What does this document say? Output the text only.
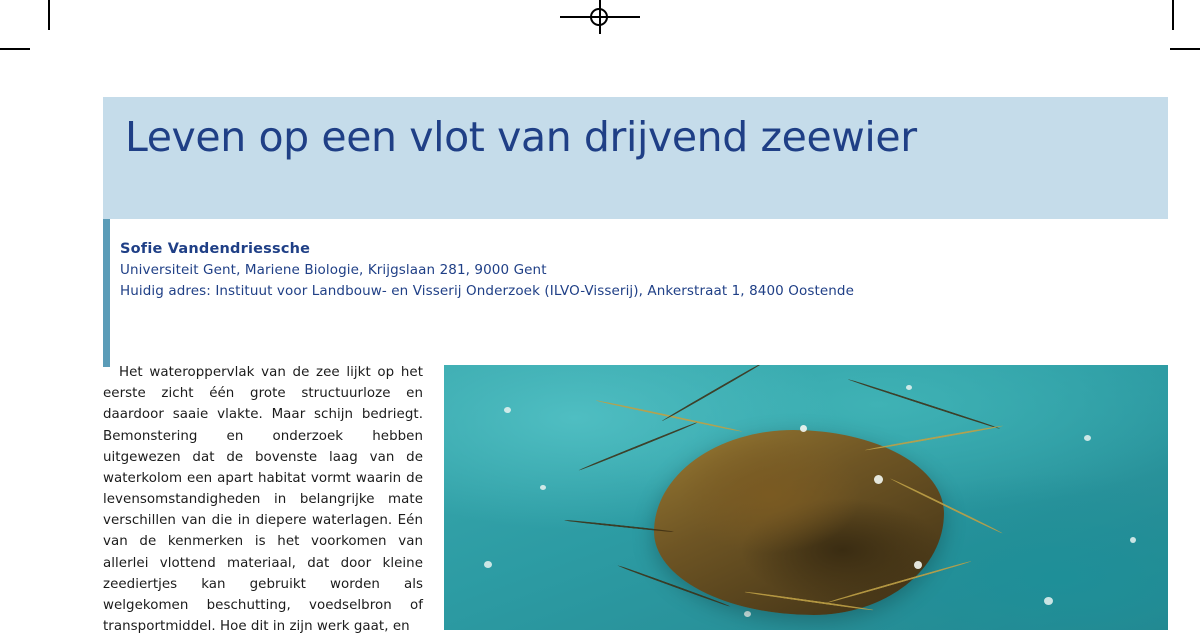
Leven op een vlot van drijvend zeewier
Sofie Vandendriessche
Universiteit Gent, Mariene Biologie, Krijgslaan 281, 9000 Gent
Huidig adres: Instituut voor Landbouw- en Visserij Onderzoek (ILVO-Visserij), Ankerstraat 1, 8400 Oostende

Het wateroppervlak van de zee lijkt op het eerste zicht één grote structuurloze en daardoor saaie vlakte. Maar schijn bedriegt. Bemonstering en onderzoek hebben uitgewezen dat de bovenste laag van de waterkolom een apart habitat vormt waarin de levensomstandigheden in belangrijke mate verschillen van die in diepere waterlagen. Eén van de kenmerken is het voorkomen van allerlei vlottend materiaal, dat door kleine zeediertjes kan gebruikt worden als welgekomen beschutting, voedselbron of transportmiddel. Hoe dit in zijn werk gaat, en
